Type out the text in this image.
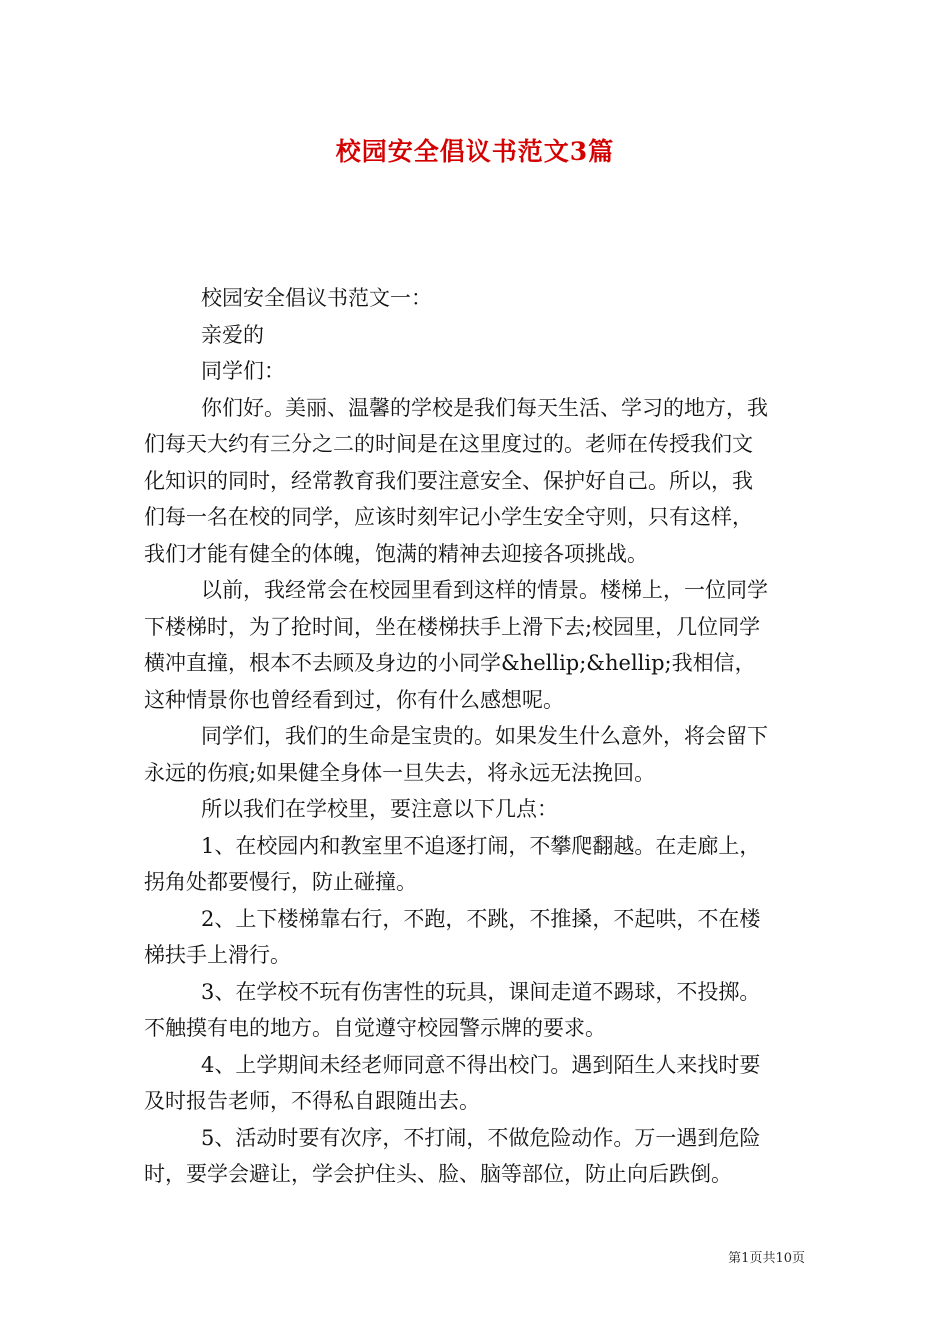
校园安全倡议书范文3篇
校园安全倡议书范文一：
亲爱的
同学们：
你们好。美丽、温馨的学校是我们每天生活、学习的地方，我
们每天大约有三分之二的时间是在这里度过的。老师在传授我们文
化知识的同时，经常教育我们要注意安全、保护好自己。所以，我
们每一名在校的同学，应该时刻牢记小学生安全守则，只有这样，
我们才能有健全的体魄，饱满的精神去迎接各项挑战。
以前，我经常会在校园里看到这样的情景。楼梯上，一位同学
下楼梯时，为了抢时间，坐在楼梯扶手上滑下去;校园里，几位同学
横冲直撞，根本不去顾及身边的小同学&hellip;&hellip;我相信，
这种情景你也曾经看到过，你有什么感想呢。
同学们，我们的生命是宝贵的。如果发生什么意外，将会留下
永远的伤痕;如果健全身体一旦失去，将永远无法挽回。
所以我们在学校里，要注意以下几点：
1、在校园内和教室里不追逐打闹，不攀爬翻越。在走廊上，
拐角处都要慢行，防止碰撞。
2、上下楼梯靠右行，不跑，不跳，不推搡，不起哄，不在楼
梯扶手上滑行。
3、在学校不玩有伤害性的玩具，课间走道不踢球，不投掷。
不触摸有电的地方。自觉遵守校园警示牌的要求。
4、上学期间未经老师同意不得出校门。遇到陌生人来找时要
及时报告老师，不得私自跟随出去。
5、活动时要有次序，不打闹，不做危险动作。万一遇到危险
时，要学会避让，学会护住头、脸、脑等部位，防止向后跌倒。
第1页共10页
